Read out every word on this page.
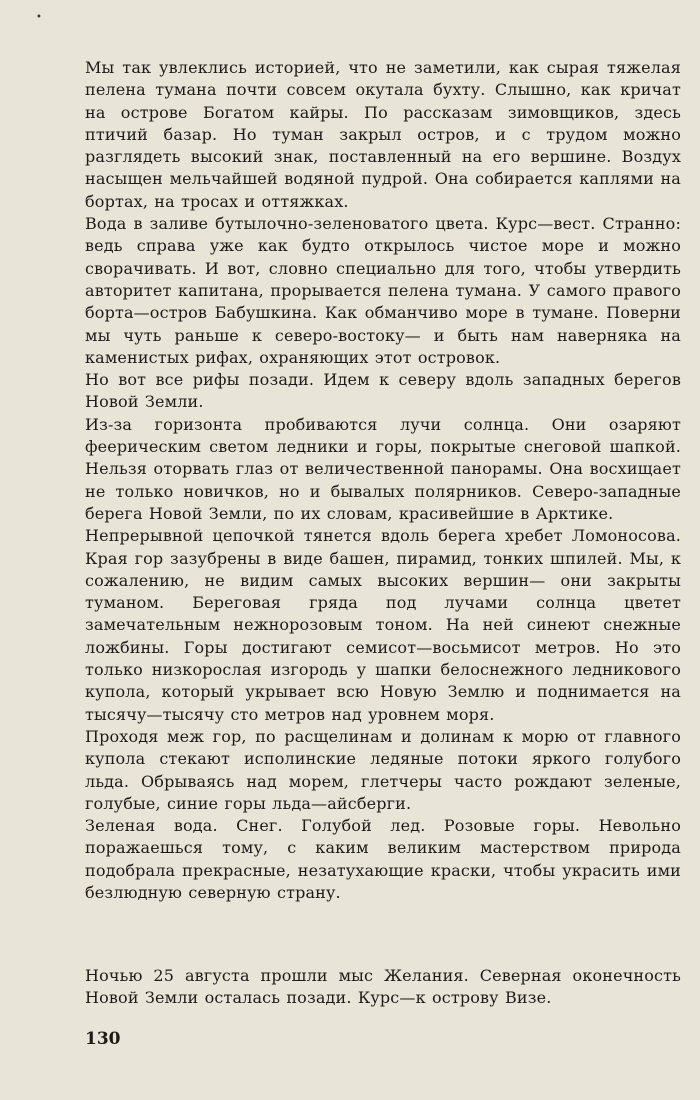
•

Мы так увлеклись историей, что не заметили, как сырая тяжелая пелена тумана почти совсем окутала бухту. Слышно, как кричат на острове Богатом кайры. По рассказам зимовщиков, здесь птичий базар. Но туман закрыл остров, и с трудом можно разглядеть высокий знак, поставленный на его вершине. Воздух насыщен мельчайшей водяной пудрой. Она собирается каплями на бортах, на тросах и оттяжках.

Вода в заливе бутылочно-зеленоватого цвета. Курс—вест. Странно: ведь справа уже как будто открылось чистое море и можно сворачивать. И вот, словно специально для того, чтобы утвердить авторитет капитана, прорывается пелена тумана. У самого правого борта—остров Бабушкина. Как обманчиво море в тумане. Поверни мы чуть раньше к северо-востоку— и быть нам наверняка на каменистых рифах, охраняющих этот островок.

Но вот все рифы позади. Идем к северу вдоль западных берегов Новой Земли.

Из-за горизонта пробиваются лучи солнца. Они озаряют феерическим светом ледники и горы, покрытые снеговой шапкой. Нельзя оторвать глаз от величественной панорамы. Она восхищает не только новичков, но и бывалых полярников. Северо-западные берега Новой Земли, по их словам, красивейшие в Арктике.

Непрерывной цепочкой тянется вдоль берега хребет Ломоносова. Края гор зазубрены в виде башен, пирамид, тонких шпилей. Мы, к сожалению, не видим самых высоких вершин— они закрыты туманом. Береговая гряда под лучами солнца цветет замечательным нежнорозовым тоном. На ней синеют снежные ложбины. Горы достигают семисот—восьмисот метров. Но это только низкорослая изгородь у шапки белоснежного ледникового купола, который укрывает всю Новую Землю и поднимается на тысячу—тысячу сто метров над уровнем моря.

Проходя меж гор, по расщелинам и долинам к морю от главного купола стекают исполинские ледяные потоки яркого голубого льда. Обрываясь над морем, глетчеры часто рождают зеленые, голубые, синие горы льда—айсберги.

Зеленая вода. Снег. Голубой лед. Розовые горы. Невольно поражаешься тому, с каким великим мастерством природа подобрала прекрасные, незатухающие краски, чтобы украсить ими безлюдную северную страну.

Ночью 25 августа прошли мыс Желания. Северная оконечность Новой Земли осталась позади. Курс—к острову Визе.

130
